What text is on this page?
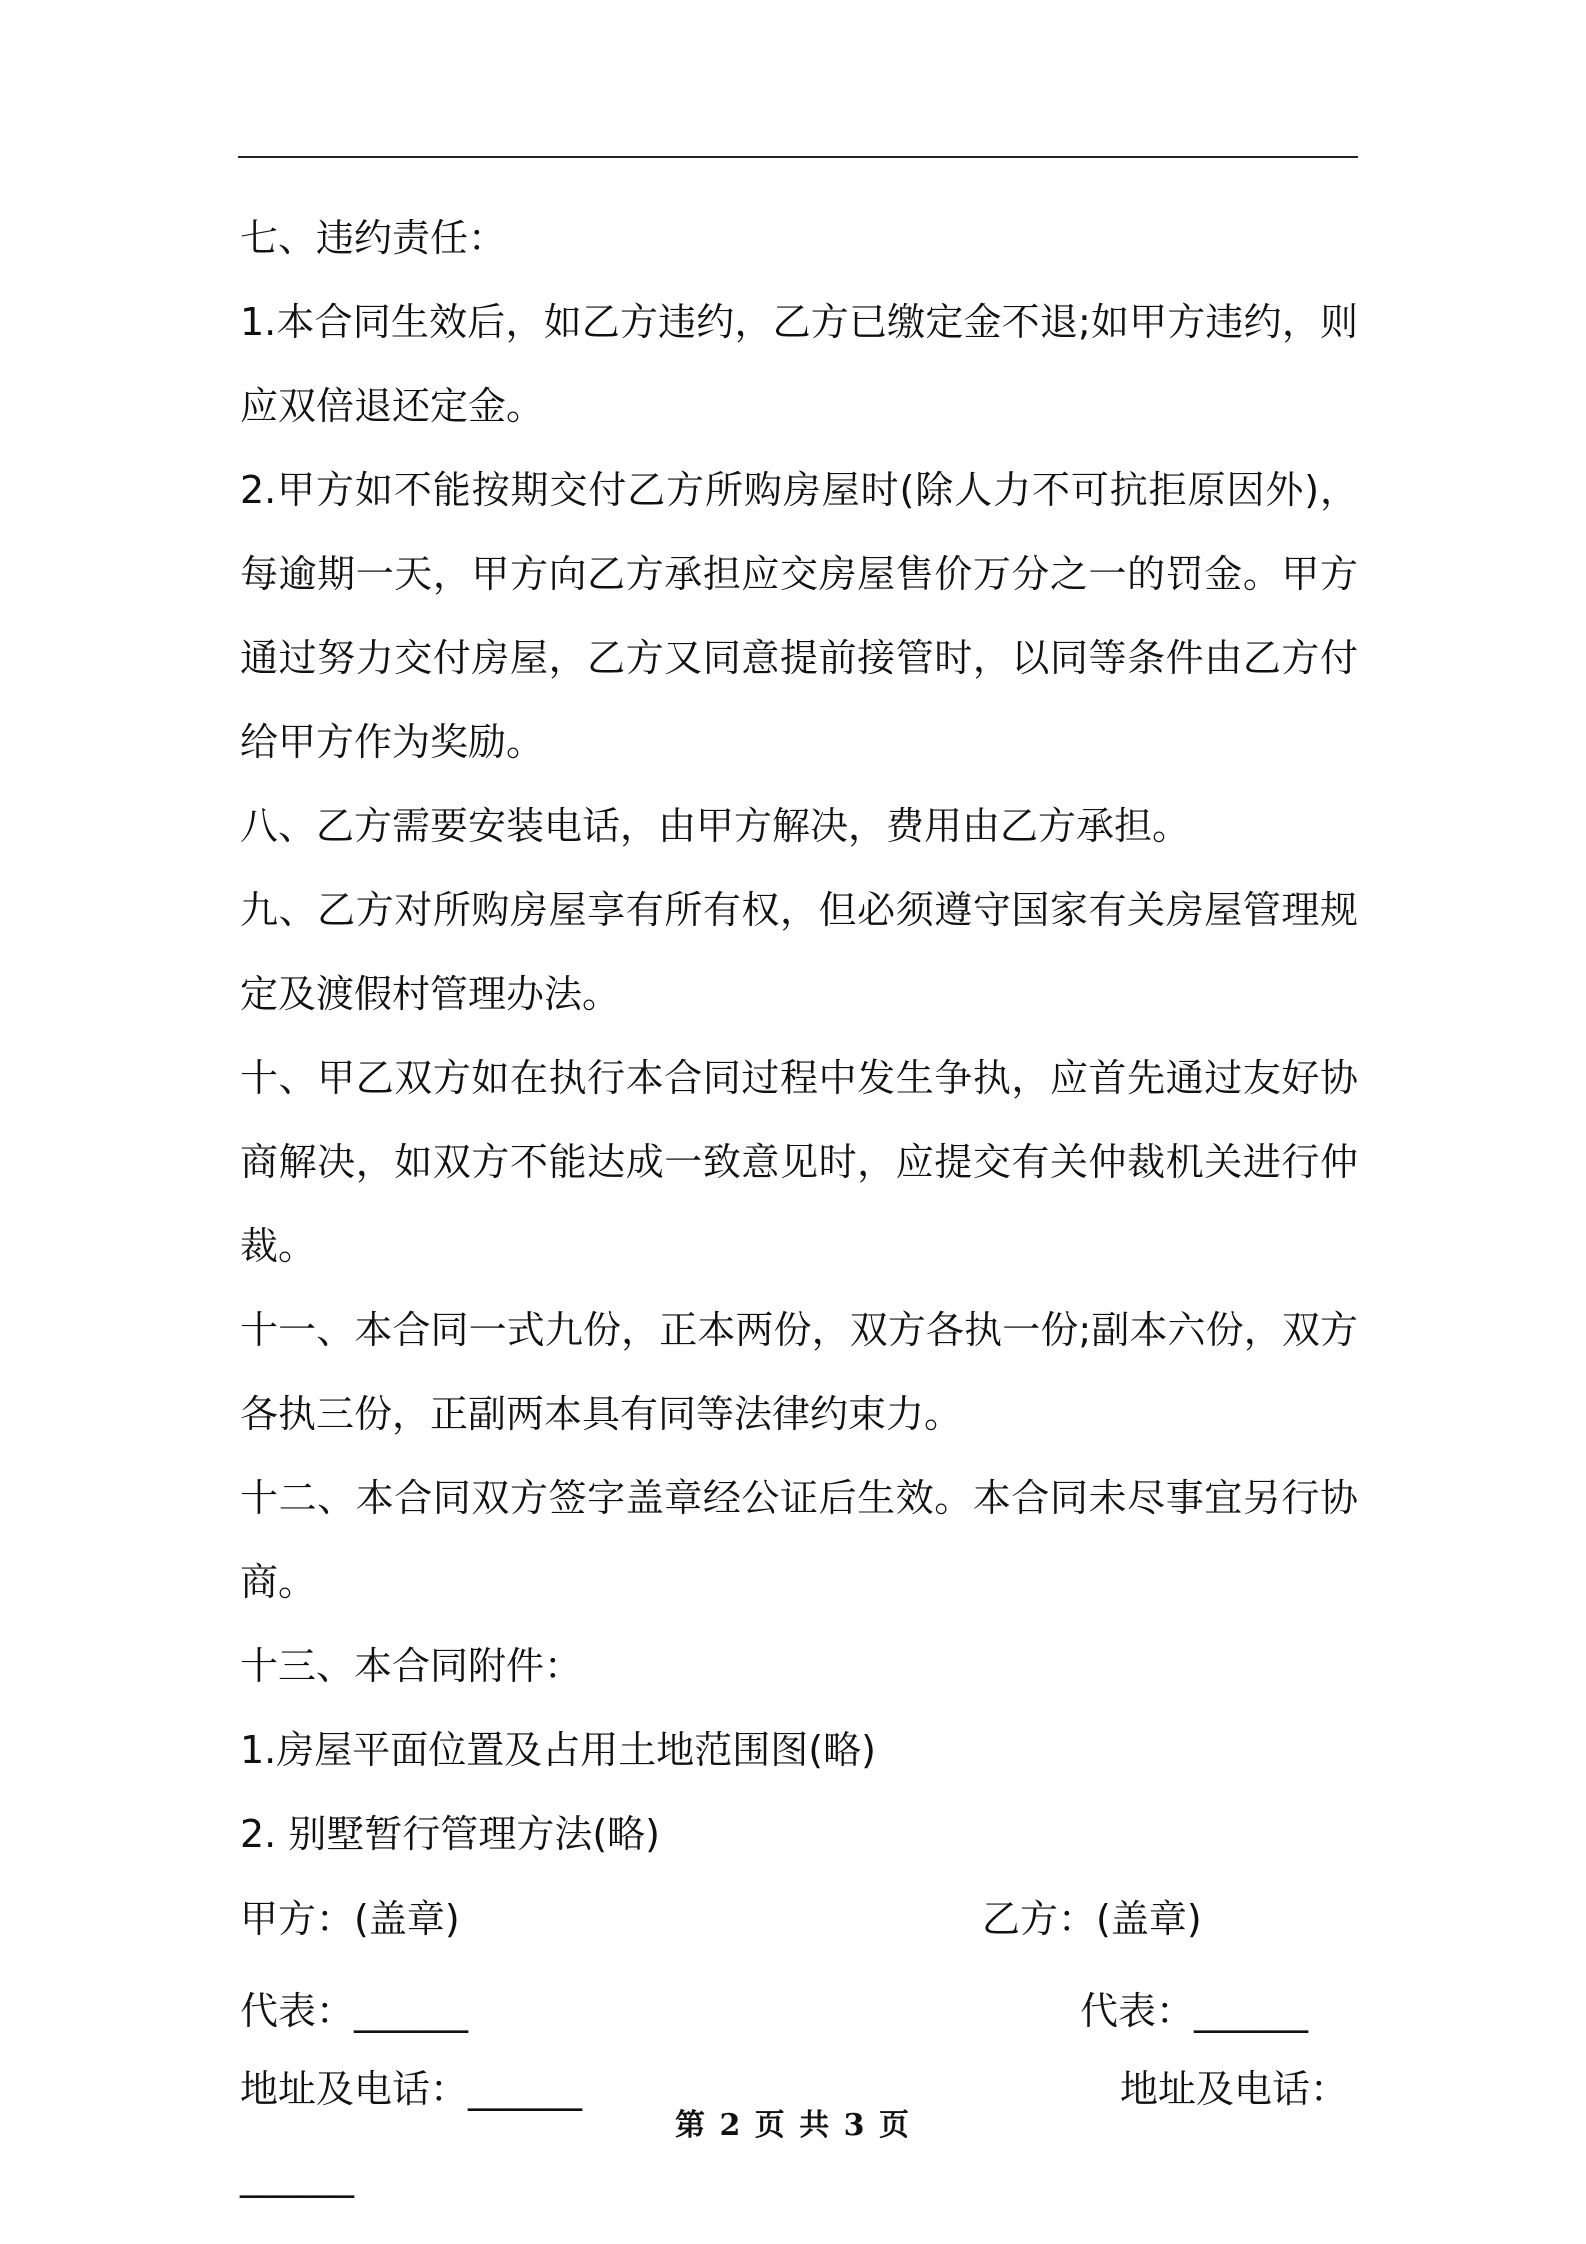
七、违约责任：

1.本合同生效后，如乙方违约，乙方已缴定金不退;如甲方违约，则应双倍退还定金。

2.甲方如不能按期交付乙方所购房屋时(除人力不可抗拒原因外)，每逾期一天，甲方向乙方承担应交房屋售价万分之一的罚金。甲方通过努力交付房屋，乙方又同意提前接管时，以同等条件由乙方付给甲方作为奖励。

八、乙方需要安装电话，由甲方解决，费用由乙方承担。

九、乙方对所购房屋享有所有权，但必须遵守国家有关房屋管理规定及渡假村管理办法。

十、甲乙双方如在执行本合同过程中发生争执，应首先通过友好协商解决，如双方不能达成一致意见时，应提交有关仲裁机关进行仲裁。

十一、本合同一式九份，正本两份，双方各执一份;副本六份，双方各执三份，正副两本具有同等法律约束力。

十二、本合同双方签字盖章经公证后生效。本合同未尽事宜另行协商。

十三、本合同附件：

1.房屋平面位置及占用土地范围图(略)

2. 别墅暂行管理方法(略)

甲方：(盖章)	乙方：(盖章)
代表：______	代表：______
地址及电话：______	地址及电话：

______

第 2 页 共 3 页
